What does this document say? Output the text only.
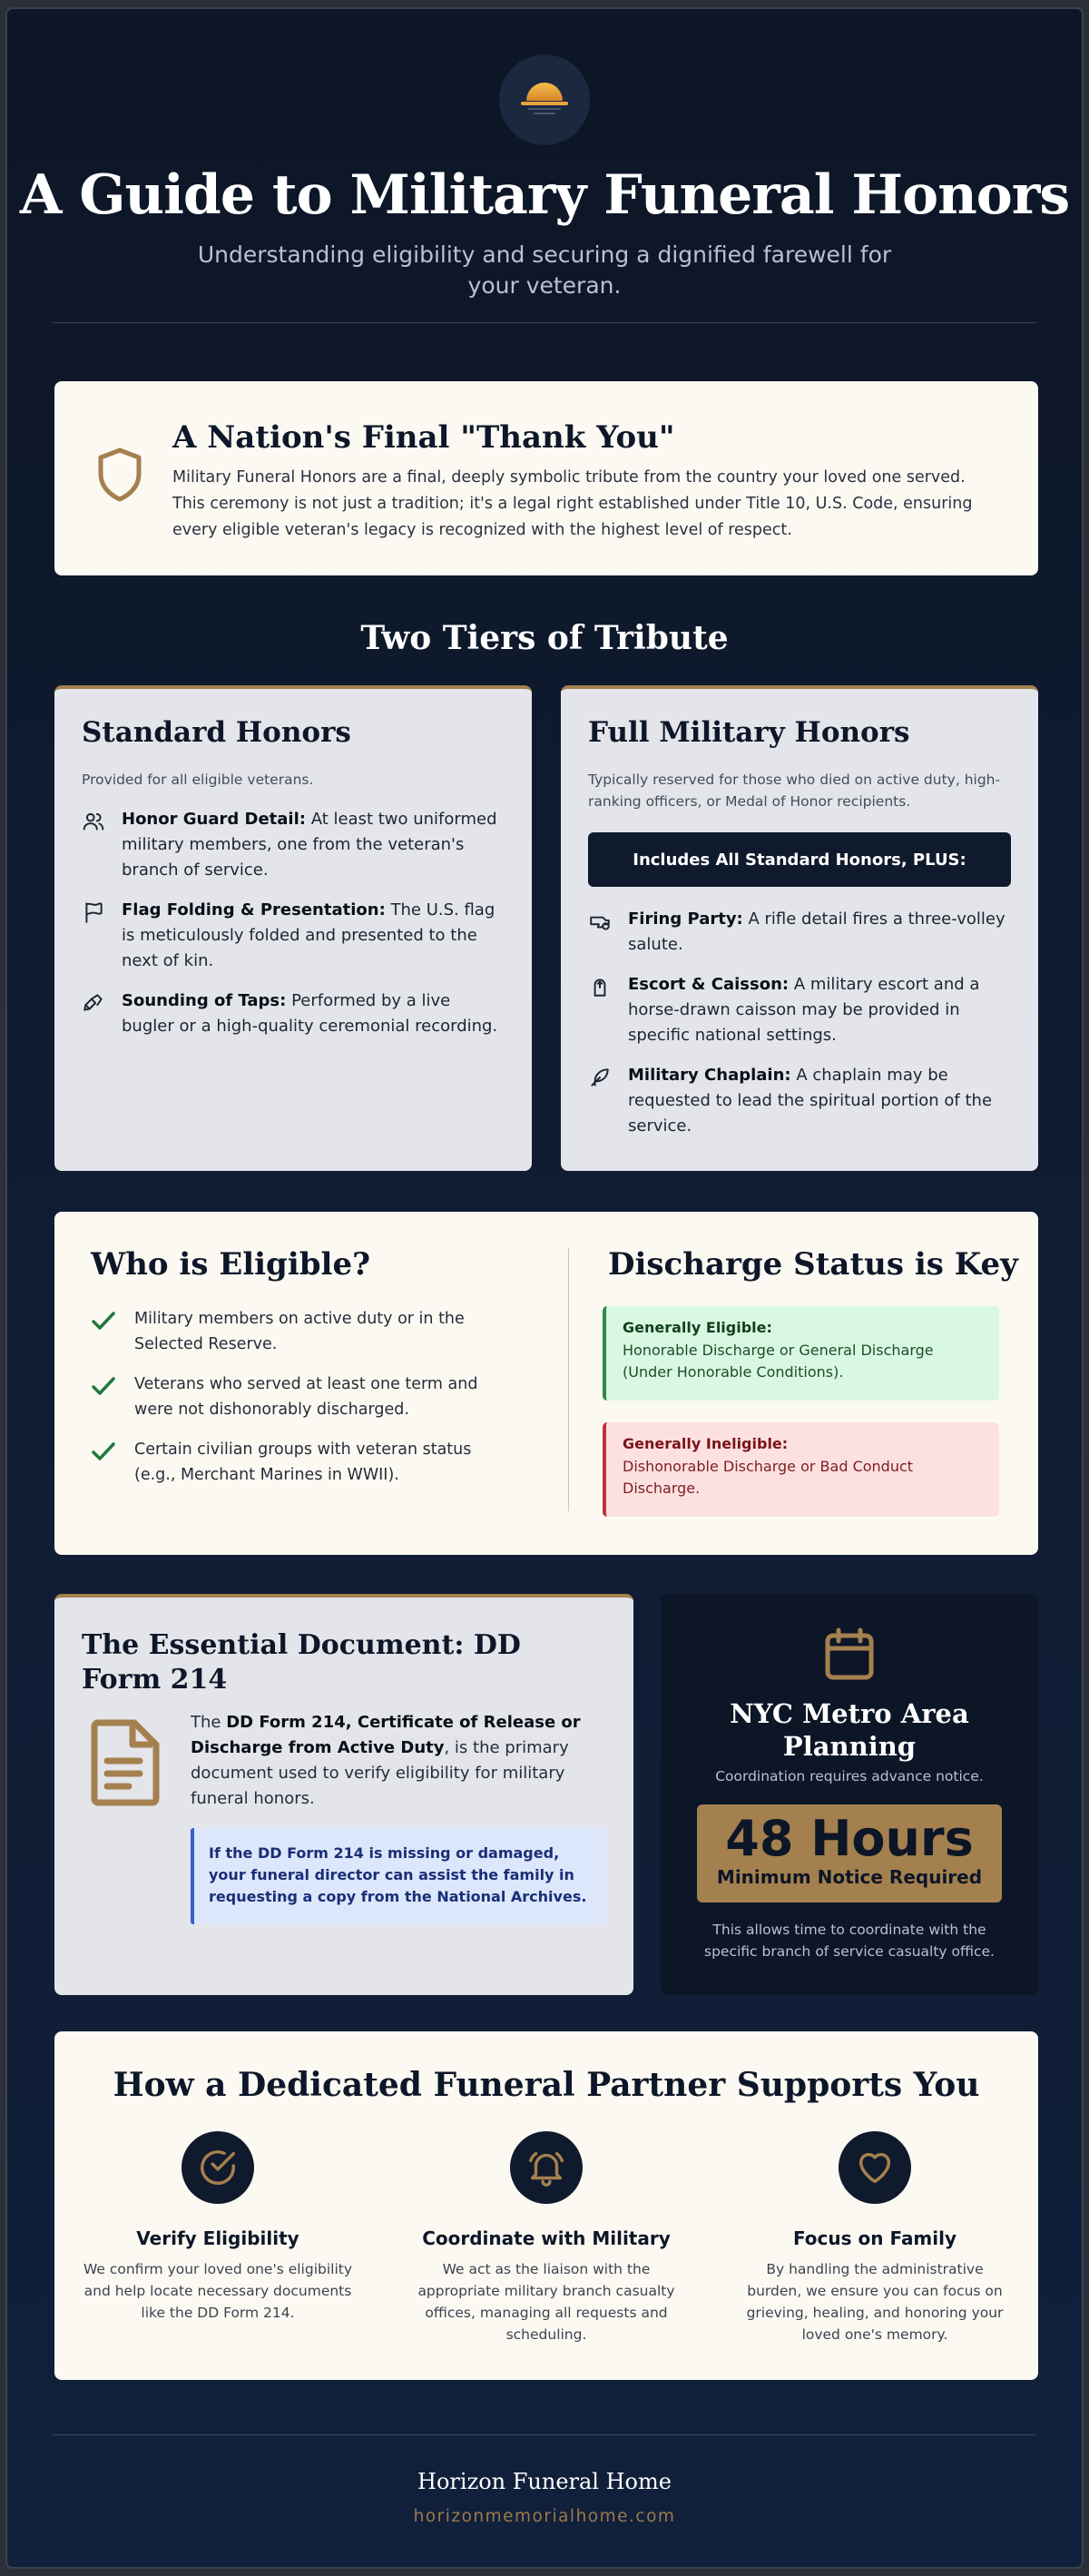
A Guide to Military Funeral Honors

Understanding eligibility and securing a dignified farewell for your veteran.

A Nation's Final "Thank You"

Military Funeral Honors are a final, deeply symbolic tribute from the country your loved one served. This ceremony is not just a tradition; it's a legal right established under Title 10, U.S. Code, ensuring every eligible veteran's legacy is recognized with the highest level of respect.

Two Tiers of Tribute
Standard Honors

Provided for all eligible veterans.

Honor Guard Detail: At least two uniformed military members, one from the veteran's branch of service.
Flag Folding & Presentation: The U.S. flag is meticulously folded and presented to the next of kin.
Sounding of Taps: Performed by a live bugler or a high-quality ceremonial recording.
Full Military Honors

Typically reserved for those who died on active duty, high-ranking officers, or Medal of Honor recipients.

Includes All Standard Honors, PLUS:
Firing Party: A rifle detail fires a three-volley salute.
Escort & Caisson: A military escort and a horse-drawn caisson may be provided in specific national settings.
Military Chaplain: A chaplain may be requested to lead the spiritual portion of the service.
Who is Eligible?
Military members on active duty or in the Selected Reserve.
Veterans who served at least one term and were not dishonorably discharged.
Certain civilian groups with veteran status (e.g., Merchant Marines in WWII).
Discharge Status is Key
Generally Eligible:
Honorable Discharge or General Discharge (Under Honorable Conditions).
Generally Ineligible:
Dishonorable Discharge or Bad Conduct Discharge.
The Essential Document: DD Form 214

The DD Form 214, Certificate of Release or Discharge from Active Duty, is the primary document used to verify eligibility for military funeral honors.

If the DD Form 214 is missing or damaged, your funeral director can assist the family in requesting a copy from the National Archives.
NYC Metro Area Planning

Coordination requires advance notice.

48 Hours
Minimum Notice Required

This allows time to coordinate with the specific branch of service casualty office.

How a Dedicated Funeral Partner Supports You
Verify Eligibility
We confirm your loved one's eligibility and help locate necessary documents like the DD Form 214.
Coordinate with Military
We act as the liaison with the appropriate military branch casualty offices, managing all requests and scheduling.
Focus on Family
By handling the administrative burden, we ensure you can focus on grieving, healing, and honoring your loved one's memory.
Horizon Funeral Home
horizonmemorialhome.com
